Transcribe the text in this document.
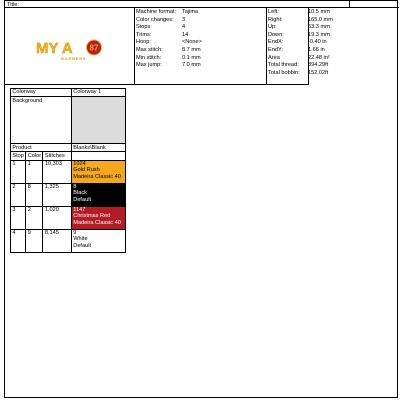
Title:
MY A 87
BARBERS
Machine format: Tajima
Color changes: 3
Stops:	4
Trims:	14
Hoop:	<None>
Max stitch:	8.7 mm
Min stitch:	0.1 mm
Max jump:	7.0 mm
Left:	10.5 mm
Right:	165.0 mm
Up:	63.3 mm
Down:	19.3 mm
EndX:	-0.40 in
EndY:	1.66 in
Area	22.48 in²
Total thread: 394.29ft
Total bobbin: 152.02ft
Colorway			Colorway 1
Background			
Product			Blanks\Blank
Stop	Color	Stitches	
1	1	10,303	1024
Gold Rush
Madeira Classic 40

2	8	1,325	8
Black
Default

3	2	1,020	1147
Christmas Red
Madeira Classic 40

4	9	8,145	9
White
Default
